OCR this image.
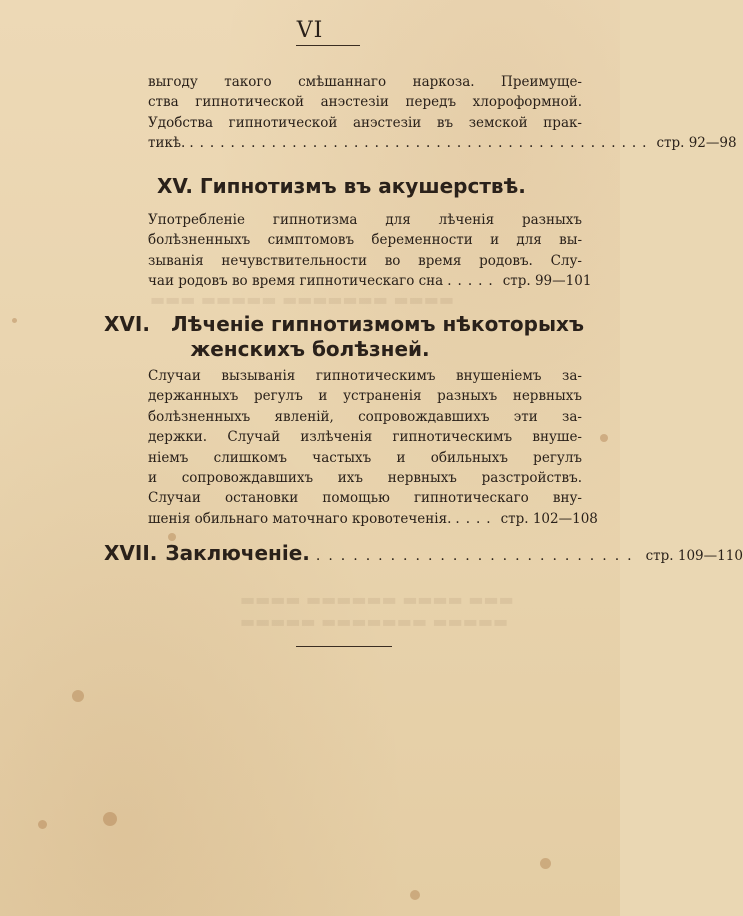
▬▬▬▬ ▬▬▬▬▬▬ ▬▬▬▬ ▬▬▬
▬▬▬▬▬ ▬▬▬▬▬▬▬ ▬▬▬▬▬
▬▬▬ ▬▬▬▬▬ ▬▬▬▬▬▬▬ ▬▬▬▬
VI
выгоду такого смѣшаннаго наркоза. Преимуще-
ства гипнотической анэстезiи передъ хлороформной.
Удобства гипнотической анэстезiи въ земской прак-
тикѣ. ............................................. стр. 92—98
XV. Гипнотизмъ въ акушерствѣ.
Употребленiе гипнотизма для лѣченiя разныхъ
болѣзненныхъ симптомовъ беременности и для вы-
зыванiя нечувствительности во время родовъ. Слу-
чаи родовъ во время гипнотическаго сна ..... стр. 99—101
XVI. Лѣченiе гипнотизмомъ нѣкоторыхъ
женскихъ болѣзней.
Случаи вызыванiя гипнотическимъ внушенiемъ за-
держанныхъ регулъ и устраненiя разныхъ нервныхъ
болѣзненныхъ явленiй, сопровождавшихъ эти за-
держки. Случай излѣченiя гипнотическимъ внуше-
нiемъ слишкомъ частыхъ и обильныхъ регулъ
и сопровождавшихъ ихъ нервныхъ разстройствъ.
Случаи остановки помощью гипнотическаго вну-
шенiя обильнаго маточнаго кровотеченiя. .... стр. 102—108
XVII. Заключенiе. .......................... стр. 109—110
